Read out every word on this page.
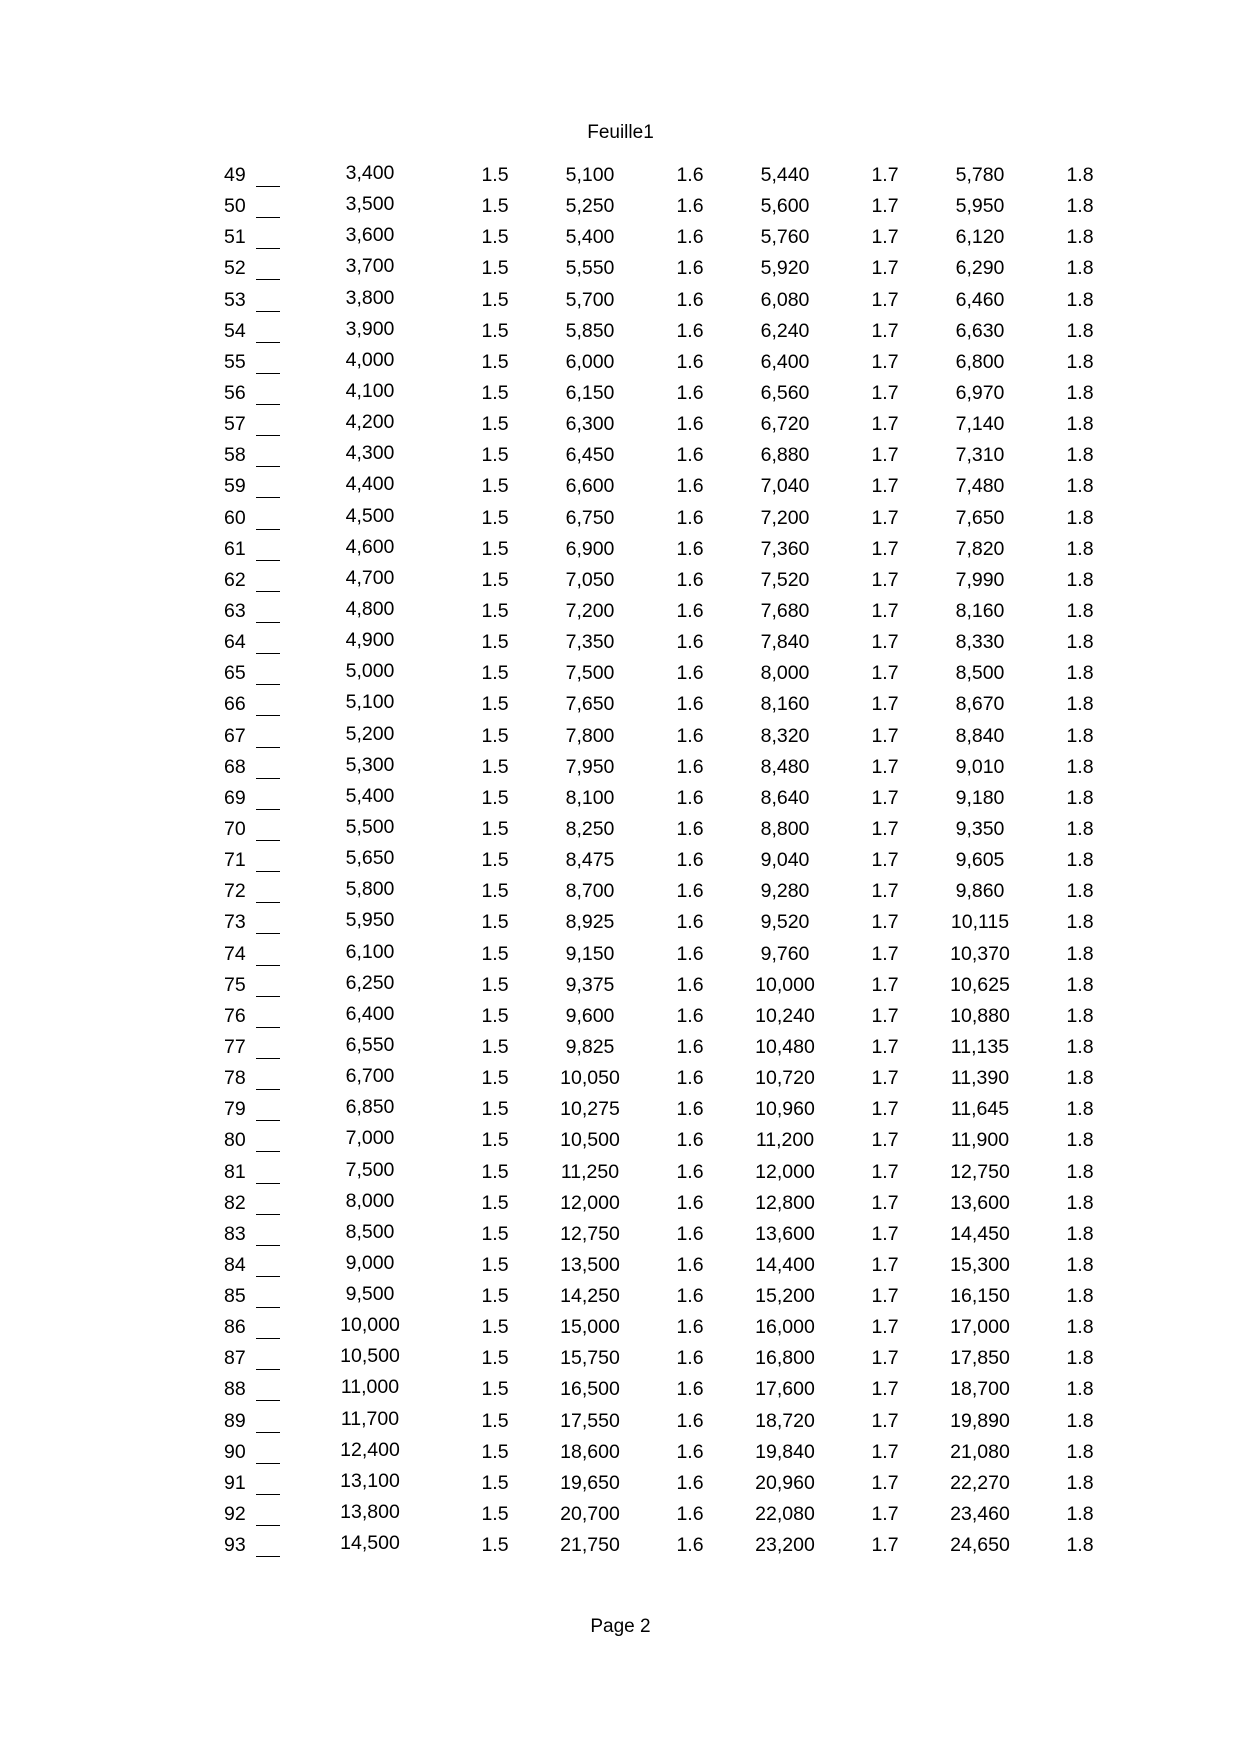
Feuille1
49	3,400	1.5	5,100	1.6	5,440	1.7	5,780	1.8
50	3,500	1.5	5,250	1.6	5,600	1.7	5,950	1.8
51	3,600	1.5	5,400	1.6	5,760	1.7	6,120	1.8
52	3,700	1.5	5,550	1.6	5,920	1.7	6,290	1.8
53	3,800	1.5	5,700	1.6	6,080	1.7	6,460	1.8
54	3,900	1.5	5,850	1.6	6,240	1.7	6,630	1.8
55	4,000	1.5	6,000	1.6	6,400	1.7	6,800	1.8
56	4,100	1.5	6,150	1.6	6,560	1.7	6,970	1.8
57	4,200	1.5	6,300	1.6	6,720	1.7	7,140	1.8
58	4,300	1.5	6,450	1.6	6,880	1.7	7,310	1.8
59	4,400	1.5	6,600	1.6	7,040	1.7	7,480	1.8
60	4,500	1.5	6,750	1.6	7,200	1.7	7,650	1.8
61	4,600	1.5	6,900	1.6	7,360	1.7	7,820	1.8
62	4,700	1.5	7,050	1.6	7,520	1.7	7,990	1.8
63	4,800	1.5	7,200	1.6	7,680	1.7	8,160	1.8
64	4,900	1.5	7,350	1.6	7,840	1.7	8,330	1.8
65	5,000	1.5	7,500	1.6	8,000	1.7	8,500	1.8
66	5,100	1.5	7,650	1.6	8,160	1.7	8,670	1.8
67	5,200	1.5	7,800	1.6	8,320	1.7	8,840	1.8
68	5,300	1.5	7,950	1.6	8,480	1.7	9,010	1.8
69	5,400	1.5	8,100	1.6	8,640	1.7	9,180	1.8
70	5,500	1.5	8,250	1.6	8,800	1.7	9,350	1.8
71	5,650	1.5	8,475	1.6	9,040	1.7	9,605	1.8
72	5,800	1.5	8,700	1.6	9,280	1.7	9,860	1.8
73	5,950	1.5	8,925	1.6	9,520	1.7	10,115	1.8
74	6,100	1.5	9,150	1.6	9,760	1.7	10,370	1.8
75	6,250	1.5	9,375	1.6	10,000	1.7	10,625	1.8
76	6,400	1.5	9,600	1.6	10,240	1.7	10,880	1.8
77	6,550	1.5	9,825	1.6	10,480	1.7	11,135	1.8
78	6,700	1.5	10,050	1.6	10,720	1.7	11,390	1.8
79	6,850	1.5	10,275	1.6	10,960	1.7	11,645	1.8
80	7,000	1.5	10,500	1.6	11,200	1.7	11,900	1.8
81	7,500	1.5	11,250	1.6	12,000	1.7	12,750	1.8
82	8,000	1.5	12,000	1.6	12,800	1.7	13,600	1.8
83	8,500	1.5	12,750	1.6	13,600	1.7	14,450	1.8
84	9,000	1.5	13,500	1.6	14,400	1.7	15,300	1.8
85	9,500	1.5	14,250	1.6	15,200	1.7	16,150	1.8
86	10,000	1.5	15,000	1.6	16,000	1.7	17,000	1.8
87	10,500	1.5	15,750	1.6	16,800	1.7	17,850	1.8
88	11,000	1.5	16,500	1.6	17,600	1.7	18,700	1.8
89	11,700	1.5	17,550	1.6	18,720	1.7	19,890	1.8
90	12,400	1.5	18,600	1.6	19,840	1.7	21,080	1.8
91	13,100	1.5	19,650	1.6	20,960	1.7	22,270	1.8
92	13,800	1.5	20,700	1.6	22,080	1.7	23,460	1.8
93	14,500	1.5	21,750	1.6	23,200	1.7	24,650	1.8
Page 2
